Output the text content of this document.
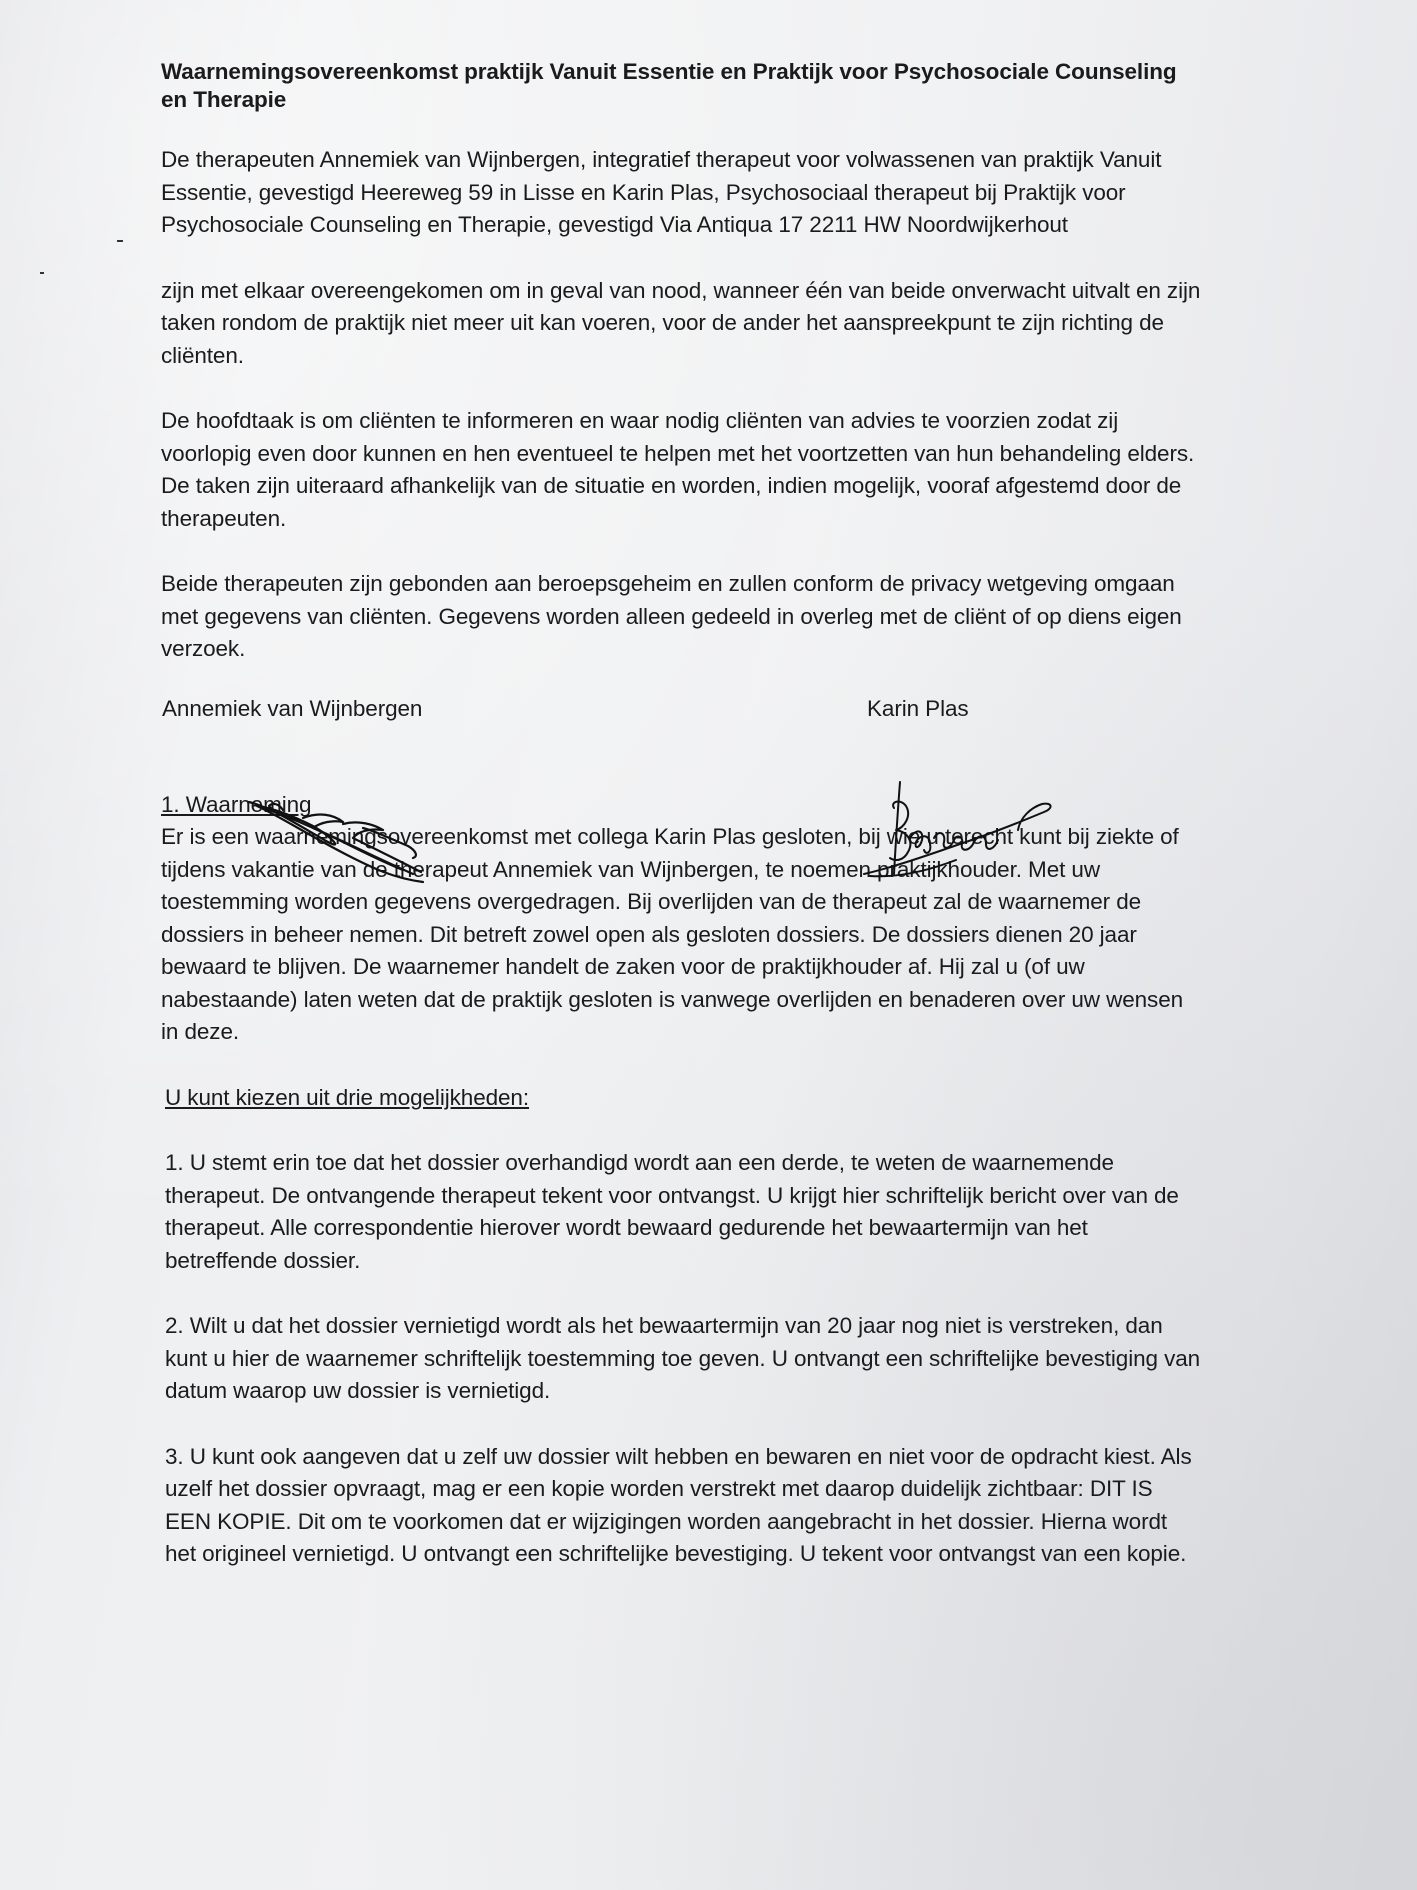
Waarnemingsovereenkomst praktijk Vanuit Essentie en Praktijk voor Psychosociale Counseling en Therapie
De therapeuten Annemiek van Wijnbergen, integratief therapeut voor volwassenen van praktijk Vanuit Essentie, gevestigd Heereweg 59 in Lisse en Karin Plas, Psychosociaal therapeut bij Praktijk voor Psychosociale Counseling en Therapie, gevestigd Via Antiqua 17 2211 HW Noordwijkerhout
zijn met elkaar overeengekomen om in geval van nood, wanneer één van beide onverwacht uitvalt en zijn taken rondom de praktijk niet meer uit kan voeren, voor de ander het aanspreekpunt te zijn richting de cliënten.
De hoofdtaak is om cliënten te informeren en waar nodig cliënten van advies te voorzien zodat zij voorlopig even door kunnen en hen eventueel te helpen met het voortzetten van hun behandeling elders. De taken zijn uiteraard afhankelijk van de situatie en worden, indien mogelijk, vooraf afgestemd door de therapeuten.
Beide therapeuten zijn gebonden aan beroepsgeheim en zullen conform de privacy wetgeving omgaan met gegevens van cliënten. Gegevens worden alleen gedeeld in overleg met de cliënt of op diens eigen verzoek.
Annemiek van Wijnbergen	Karin Plas
1. Waarneming
Er is een waarnemingsovereenkomst met collega Karin Plas gesloten, bij wie u terecht kunt bij ziekte of tijdens vakantie van de therapeut Annemiek van Wijnbergen, te noemen praktijkhouder. Met uw toestemming worden gegevens overgedragen. Bij overlijden van de therapeut zal de waarnemer de dossiers in beheer nemen. Dit betreft zowel open als gesloten dossiers. De dossiers dienen 20 jaar bewaard te blijven. De waarnemer handelt de zaken voor de praktijkhouder af. Hij zal u (of uw nabestaande) laten weten dat de praktijk gesloten is vanwege overlijden en benaderen over uw wensen in deze.
U kunt kiezen uit drie mogelijkheden:
1. U stemt erin toe dat het dossier overhandigd wordt aan een derde, te weten de waarnemende therapeut. De ontvangende therapeut tekent voor ontvangst. U krijgt hier schriftelijk bericht over van de therapeut. Alle correspondentie hierover wordt bewaard gedurende het bewaartermijn van het betreffende dossier.
2. Wilt u dat het dossier vernietigd wordt als het bewaartermijn van 20 jaar nog niet is verstreken, dan kunt u hier de waarnemer schriftelijk toestemming toe geven. U ontvangt een schriftelijke bevestiging van datum waarop uw dossier is vernietigd.
3. U kunt ook aangeven dat u zelf uw dossier wilt hebben en bewaren en niet voor de opdracht kiest. Als uzelf het dossier opvraagt, mag er een kopie worden verstrekt met daarop duidelijk zichtbaar: DIT IS EEN KOPIE. Dit om te voorkomen dat er wijzigingen worden aangebracht in het dossier. Hierna wordt het origineel vernietigd. U ontvangt een schriftelijke bevestiging. U tekent voor ontvangst van een kopie.
